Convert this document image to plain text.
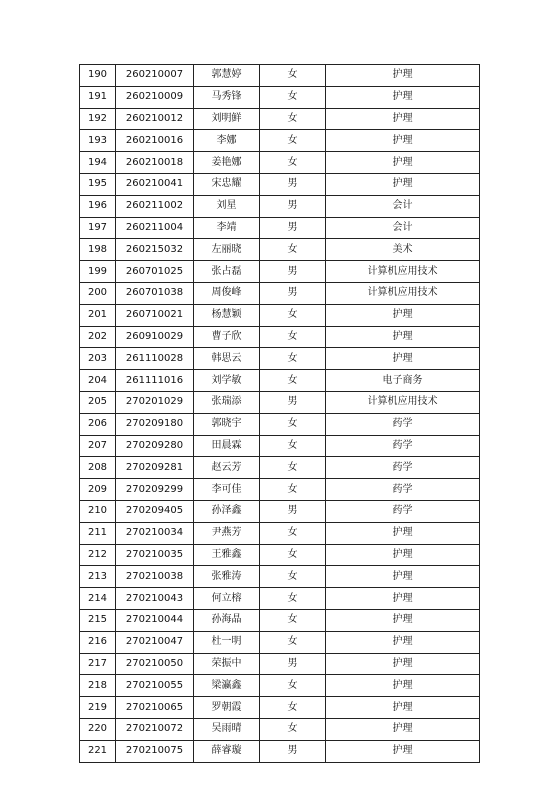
190	260210007	郭慧婷	女	护理
191	260210009	马秀锋	女	护理
192	260210012	刘明鲜	女	护理
193	260210016	李娜	女	护理
194	260210018	姜艳娜	女	护理
195	260210041	宋忠耀	男	护理
196	260211002	刘星	男	会计
197	260211004	李靖	男	会计
198	260215032	左丽晓	女	美术
199	260701025	张占磊	男	计算机应用技术
200	260701038	周俊峰	男	计算机应用技术
201	260710021	杨慧颖	女	护理
202	260910029	曹子欣	女	护理
203	261110028	韩思云	女	护理
204	261111016	刘学敏	女	电子商务
205	270201029	张瑞添	男	计算机应用技术
206	270209180	郭晓宇	女	药学
207	270209280	田晨霖	女	药学
208	270209281	赵云芳	女	药学
209	270209299	李可佳	女	药学
210	270209405	孙泽鑫	男	药学
211	270210034	尹燕芳	女	护理
212	270210035	王雅鑫	女	护理
213	270210038	张雅涛	女	护理
214	270210043	何立榕	女	护理
215	270210044	孙海晶	女	护理
216	270210047	杜一明	女	护理
217	270210050	荣振中	男	护理
218	270210055	梁瀛鑫	女	护理
219	270210065	罗朝霞	女	护理
220	270210072	吴雨晴	女	护理
221	270210075	薛睿璇	男	护理
